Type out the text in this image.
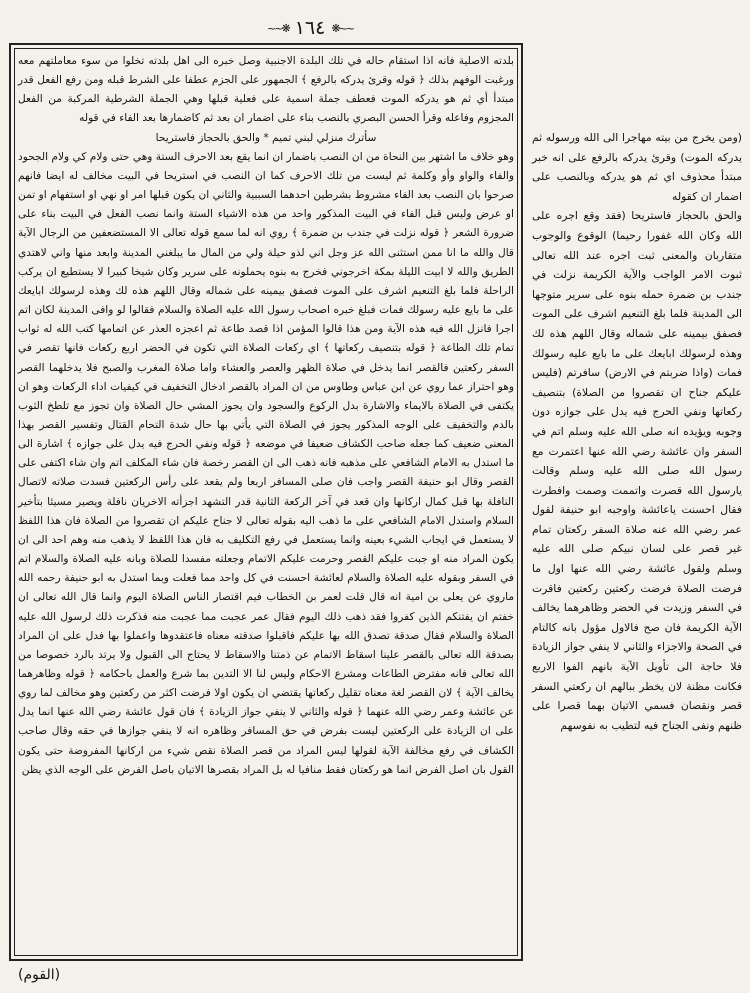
~~❋
١٦٤
❋~~

بلدته الاصلية فانه اذا استقام حاله في تلك البلدة الاجنبية وصل خبره الى اهل بلدته تخلوا من سوء معاملتهم معه ورغبت الوفهم بذلك ﴿ قوله وقرئ يدركه بالرفع ﴾ الجمهور على الجزم عطفا على الشرط قبله ومن رفع الفعل قدر مبتدأ أي ثم هو يدركه الموت فعطف جملة اسمية على فعلية قبلها وهي الجملة الشرطية المركبة من الفعل المجزوم وفاعله وقرأ الحسن البصري بالنصب بناء على اضمار ان بعد ثم كاضمارها بعد الفاء في قوله

سأترك منزلي لبني تميم * والحق بالحجاز فاستريحا

وهو خلاف ما اشتهر بين النحاة من ان النصب باضمار ان انما يقع بعد الاحرف الستة وهي حتى ولام كي ولام الجحود والفاء والواو وأو وكلمة ثم ليست من تلك الاحرف كما ان النصب في استريحا في البيت مخالف له ايضا فانهم صرحوا بان النصب بعد الفاء مشروط بشرطين احدهما السببية والثاني ان يكون قبلها امر او نهي او استفهام او تمن او عرض وليس قبل الفاء في البيت المذكور واحد من هذه الاشياء الستة وانما نصب الفعل في البيت بناء على ضرورة الشعر ﴿ قوله نزلت في جندب بن ضمرة ﴾ روي انه لما سمع قوله تعالى الا المستضعفين من الرجال الآية قال والله ما انا ممن استثنى الله عز وجل اني لذو حيلة ولي من المال ما يبلغني المدينة وابعد منها واني لاهتدي الطريق والله لا ابيت الليلة بمكة اخرجوني فخرج به بنوه يحملونه على سرير وكان شيخا كبيرا لا يستطيع ان يركب الراحلة فلما بلغ التنعيم اشرف على الموت فصفق بيمينه على شماله وقال اللهم هذه لك وهذه لرسولك ابايعك على ما بايع عليه رسولك فمات فبلغ خبره اصحاب رسول الله عليه الصلاة والسلام فقالوا لو وافى المدينة لكان اتم اجرا فانزل الله فيه هذه الآية ومن هذا قالوا المؤمن اذا قصد طاعة ثم اعجزه العذر عن اتمامها كتب الله له ثواب تمام تلك الطاعة ﴿ قوله بتنصيف ركعاتها ﴾ اي ركعات الصلاة التي تكون في الحضر اربع ركعات فانها تقصر في السفر ركعتين فالقصر انما يدخل في صلاة الظهر والعصر والعشاء واما صلاة المغرب والصبح فلا يدخلهما القصر وهو احتراز عما روي عن ابن عباس وطاوس من ان المراد بالقصر ادخال التخفيف في كيفيات اداء الركعات وهو ان يكتفى في الصلاة بالايماء والاشارة بدل الركوع والسجود وان يجوز المشي حال الصلاة وان تجوز مع تلطخ الثوب بالدم والتخفيف على الوجه المذكور يجوز في الصلاة التي يأتي بها حال شدة التحام القتال وتفسير القصر بهذا المعنى ضعيف كما جعله صاحب الكشاف ضعيفا في موضعه ﴿ قوله ونفي الحرج فيه يدل على جوازه ﴾ اشارة الى ما استدل به الامام الشافعي على مذهبه فانه ذهب الى ان القصر رخصة فان شاء المكلف اتم وان شاء اكتفى على القصر وقال ابو حنيفة القصر واجب فان صلى المسافر اربعا ولم يقعد على رأس الركعتين فسدت صلاته لاتصال النافلة بها قبل كمال اركانها وان قعد في آخر الركعة الثانية قدر التشهد اجزأته الاخريان نافلة ويصير مسيئا بتأخير السلام واستدل الامام الشافعي على ما ذهب اليه بقوله تعالى لا جناح عليكم ان تقصروا من الصلاة فان هذا اللفظ لا يستعمل في ايجاب الشيء بعينه وانما يستعمل في رفع التكليف به فان هذا اللفظ لا يذهب منه وهم احد الى ان يكون المراد منه او جبت عليكم القصر وحرمت عليكم الاتمام وجعلته مفسدا للصلاة وبانه عليه الصلاة والسلام اتم في السفر وبقوله عليه الصلاة والسلام لعائشة احسنت في كل واحد مما فعلت وبما استدل به ابو حنيفة رحمه الله ماروي عن يعلى بن امية انه قال قلت لعمر بن الخطاب فيم اقتصار الناس الصلاة اليوم وانما قال الله تعالى ان خفتم ان يفتنكم الذين كفروا فقد ذهب ذلك اليوم فقال عمر عجبت مما عجبت منه فذكرت ذلك لرسول الله عليه الصلاة والسلام فقال صدقة تصدق الله بها عليكم فاقبلوا صدقته معناه فاعتقدوها واعملوا بها فدل على ان المراد بصدقة الله تعالى بالقصر علينا اسقاط الاتمام عن ذمتنا والاسقاط لا يحتاج الى القبول ولا يرتد بالرد خصوصا من الله تعالى فانه مفترض الطاعات ومشرع الاحكام وليس لنا الا التدين بما شرع والعمل باحكامه ﴿ قوله وظاهرهما يخالف الآية ﴾ لان القصر لغة معناه تقليل ركعاتها يقتضي ان يكون اولا فرضت اكثر من ركعتين وهو مخالف لما روي عن عائشة وعمر رضي الله عنهما ﴿ قوله والثاني لا ينفي جواز الزيادة ﴾ فان قول عائشة رضي الله عنها انما يدل على ان الزيادة على الركعتين ليست بفرض في حق المسافر وظاهره انه لا ينفي جوازها في حقه وقال صاحب الكشاف في رفع مخالفة الآية لقولها ليس المراد من قصر الصلاة نقص شيء من اركانها المفروضة حتى يكون القول بان اصل الفرض انما هو ركعتان فقط منافيا له بل المراد بقصرها الاتيان باصل الفرض على الوجه الذي يظن

(ومن يخرج من بيته مهاجرا الى الله ورسوله ثم يدركه الموت) وقرئ يدركه بالرفع على انه خبر مبتدأ محذوف اي ثم هو يدركه وبالنصب على اضمار ان كقوله

والحق بالحجاز فاستريحا (فقد وقع اجره على الله وكان الله غفورا رحيما) الوقوع والوجوب متقاربان والمعنى ثبت اجره عند الله تعالى ثبوت الامر الواجب والآية الكريمة نزلت في جندب بن ضمرة حمله بنوه على سرير متوجها الى المدينة فلما بلغ التنعيم اشرف على الموت فصفق بيمينه على شماله وقال اللهم هذه لك وهذه لرسولك ابايعك على ما بايع عليه رسولك فمات (واذا ضربتم في الارض) سافرتم (فليس عليكم جناح ان تقصروا من الصلاة) بتنصيف ركعاتها ونفي الحرج فيه يدل على جوازه دون وجوبه ويؤيده انه صلى الله عليه وسلم اتم في السفر وان عائشة رضي الله عنها اعتمرت مع رسول الله صلى الله عليه وسلم وقالت يارسول الله قصرت واتممت وصمت وافطرت فقال احسنت ياعائشة واوجبه ابو حنيفة لقول عمر رضي الله عنه صلاة السفر ركعتان تمام غير قصر على لسان نبيكم صلى الله عليه وسلم ولقول عائشة رضي الله عنها اول ما فرضت الصلاة فرضت ركعتين ركعتين فاقرت في السفر وزيدت في الحضر وظاهرهما يخالف الآية الكريمة فان صح فالاول مؤول بانه كالتام في الصحة والاجزاء والثاني لا ينفي جواز الزيادة فلا حاجة الى تأويل الآية بانهم الفوا الاربع فكانت مظنة لان يخطر ببالهم ان ركعتي السفر قصر ونقصان فسمي الاتيان بهما قصرا على ظنهم ونفى الجناح فيه لتطيب به نفوسهم

(القوم)
